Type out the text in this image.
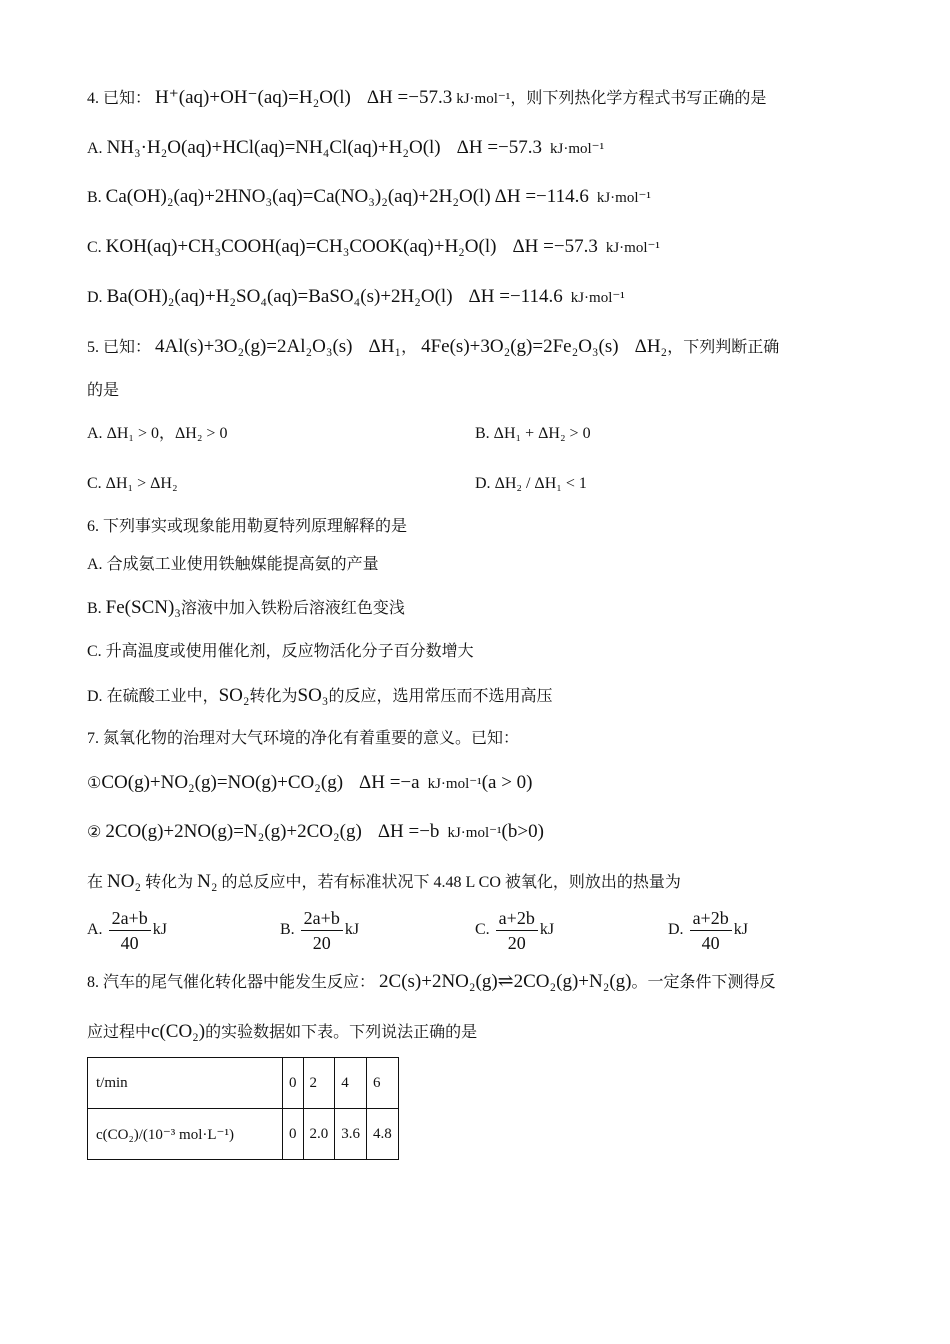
4. 已知： H⁺(aq)+OH⁻(aq)=H₂O(l) ΔH =−57.3 kJ·mol⁻¹，则下列热化学方程式书写正确的是
A. NH₃·H₂O(aq)+HCl(aq)=NH₄Cl(aq)+H₂O(l) ΔH =−57.3 kJ·mol⁻¹
B. Ca(OH)₂(aq)+2HNO₃(aq)=Ca(NO₃)₂(aq)+2H₂O(l) ΔH =−114.6 kJ·mol⁻¹
C. KOH(aq)+CH₃COOH(aq)=CH₃COOK(aq)+H₂O(l) ΔH =−57.3 kJ·mol⁻¹
D. Ba(OH)₂(aq)+H₂SO₄(aq)=BaSO₄(s)+2H₂O(l) ΔH =−114.6 kJ·mol⁻¹
5. 已知： 4Al(s)+3O₂(g)=2Al₂O₃(s) ΔH₁， 4Fe(s)+3O₂(g)=2Fe₂O₃(s) ΔH₂，下列判断正确
的是
A. ΔH₁ > 0，ΔH₂ > 0	B. ΔH₁ + ΔH₂ > 0
C. ΔH₁ > ΔH₂	D. ΔH₂ / ΔH₁ < 1
6. 下列事实或现象能用勒夏特列原理解释的是
A. 合成氨工业使用铁触媒能提高氨的产量
B. Fe(SCN)₃溶液中加入铁粉后溶液红色变浅
C. 升高温度或使用催化剂，反应物活化分子百分数增大
D. 在硫酸工业中，SO₂转化为SO₃的反应，选用常压而不选用高压
7. 氮氧化物的治理对大气环境的净化有着重要的意义。已知：
①CO(g)+NO₂(g)=NO(g)+CO₂(g) ΔH =−a kJ·mol⁻¹(a > 0)
② 2CO(g)+2NO(g)=N₂(g)+2CO₂(g) ΔH =−b kJ·mol⁻¹(b>0)
在 NO₂ 转化为 N₂ 的总反应中，若有标准状况下 4.48 L CO 被氧化，则放出的热量为
A. $\frac{2a+b}{40}$ kJ	B. $\frac{2a+b}{20}$ kJ	C. $\frac{a+2b}{20}$ kJ	D. $\frac{a+2b}{40}$ kJ
8. 汽车的尾气催化转化器中能发生反应： 2C(s)+2NO₂(g)⇌2CO₂(g)+N₂(g)。一定条件下测得反
应过程中c(CO₂)的实验数据如下表。下列说法正确的是
t/min	0	2	4	6
c(CO₂)/(10⁻³ mol·L⁻¹)	0	2.0	3.6	4.8
